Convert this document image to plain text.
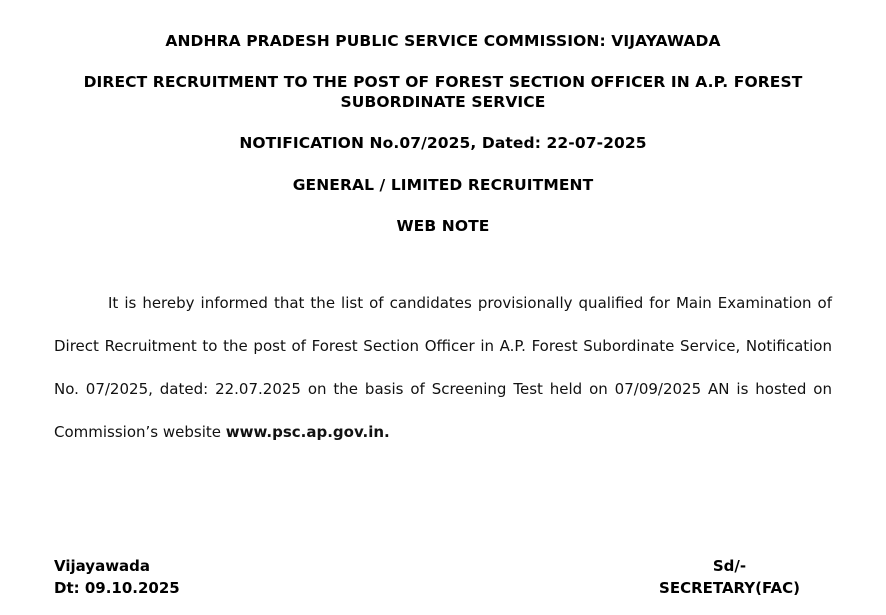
ANDHRA PRADESH PUBLIC SERVICE COMMISSION: VIJAYAWADA
DIRECT RECRUITMENT TO THE POST OF FOREST SECTION OFFICER IN A.P. FOREST SUBORDINATE SERVICE
NOTIFICATION No.07/2025, Dated: 22-07-2025
GENERAL / LIMITED RECRUITMENT
WEB NOTE
It is hereby informed that the list of candidates provisionally qualified for Main Examination of Direct Recruitment to the post of Forest Section Officer in A.P. Forest Subordinate Service, Notification No. 07/2025, dated: 22.07.2025 on the basis of Screening Test held on 07/09/2025 AN is hosted on Commission’s website www.psc.ap.gov.in.
Vijayawada
Dt: 09.10.2025
Sd/-
SECRETARY(FAC)
